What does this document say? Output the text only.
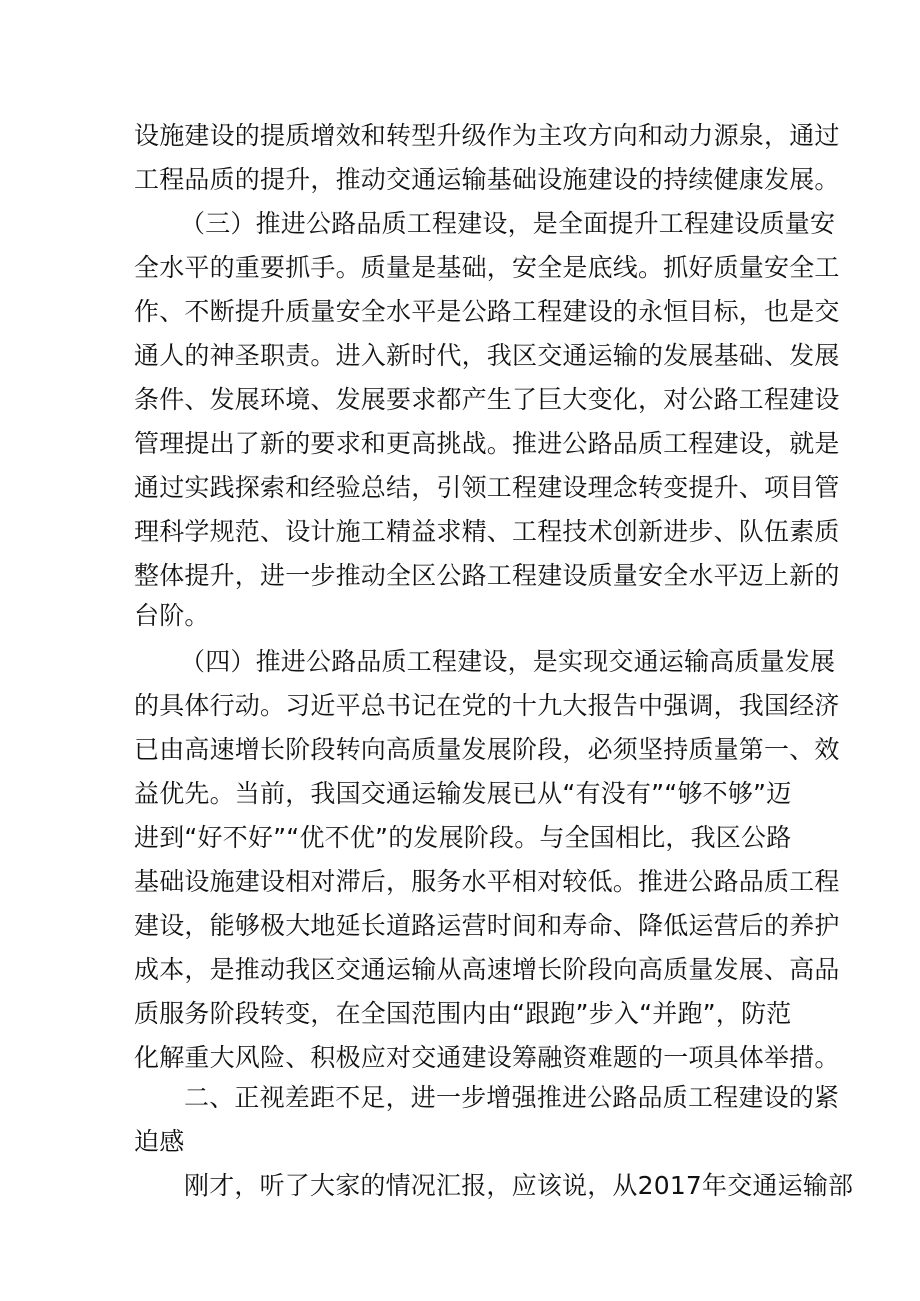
设施建设的提质增效和转型升级作为主攻方向和动力源泉，通过
工程品质的提升，推动交通运输基础设施建设的持续健康发展。
（三）推进公路品质工程建设，是全面提升工程建设质量安
全水平的重要抓手。质量是基础，安全是底线。抓好质量安全工
作、不断提升质量安全水平是公路工程建设的永恒目标，也是交
通人的神圣职责。进入新时代，我区交通运输的发展基础、发展
条件、发展环境、发展要求都产生了巨大变化，对公路工程建设
管理提出了新的要求和更高挑战。推进公路品质工程建设，就是
通过实践探索和经验总结，引领工程建设理念转变提升、项目管
理科学规范、设计施工精益求精、工程技术创新进步、队伍素质
整体提升，进一步推动全区公路工程建设质量安全水平迈上新的
台阶。
（四）推进公路品质工程建设，是实现交通运输高质量发展
的具体行动。习近平总书记在党的十九大报告中强调，我国经济
已由高速增长阶段转向高质量发展阶段，必须坚持质量第一、效
益优先。当前，我国交通运输发展已从“有没有”“够不够”迈
进到“好不好”“优不优”的发展阶段。与全国相比，我区公路
基础设施建设相对滞后，服务水平相对较低。推进公路品质工程
建设，能够极大地延长道路运营时间和寿命、降低运营后的养护
成本，是推动我区交通运输从高速增长阶段向高质量发展、高品
质服务阶段转变，在全国范围内由“跟跑”步入“并跑”，防范
化解重大风险、积极应对交通建设筹融资难题的一项具体举措。
二、正视差距不足，进一步增强推进公路品质工程建设的紧
迫感
刚才，听了大家的情况汇报，应该说，从2017年交通运输部
